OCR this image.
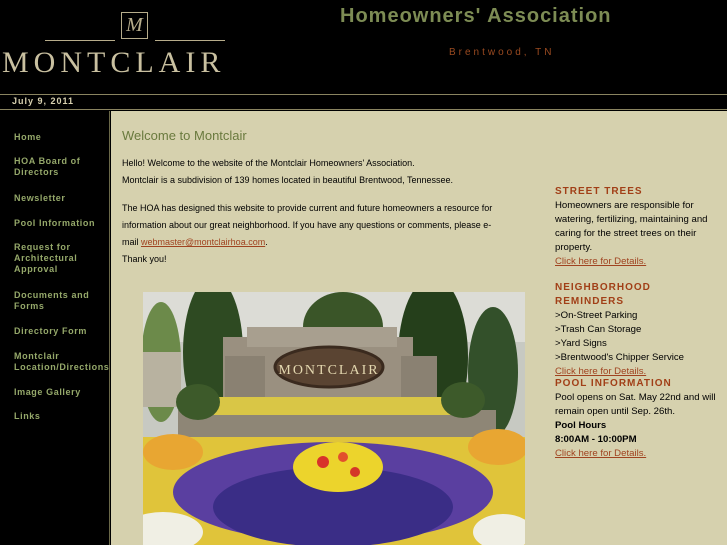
M
MONTCLAIR
Homeowners' Association
Brentwood, TN
July 9, 2011
Home
HOA Board of Directors
Newsletter
Pool Information
Request for Architectural Approval
Documents and Forms
Directory Form
Montclair Location/Directions
Image Gallery
Links
Welcome to Montclair
Hello! Welcome to the website of the Montclair Homeowners' Association.
Montclair is a subdivision of 139 homes located in beautiful Brentwood, Tennessee.
The HOA has designed this website to provide current and future homeowners a resource for information about our great neighborhood. If you have any questions or comments, please e-mail webmaster@montclairhoa.com.
Thank you!
MONTCLAIR
STREET TREES
Homeowners are responsible for watering, fertilizing, maintaining and caring for the street trees on their property.
Click here for Details.
NEIGHBORHOOD REMINDERS
>On-Street Parking
>Trash Can Storage
>Yard Signs
>Brentwood's Chipper Service
Click here for Details.
POOL INFORMATION
Pool opens on Sat. May 22nd and will remain open until Sep. 26th.
Pool Hours
8:00AM - 10:00PM
Click here for Details.
